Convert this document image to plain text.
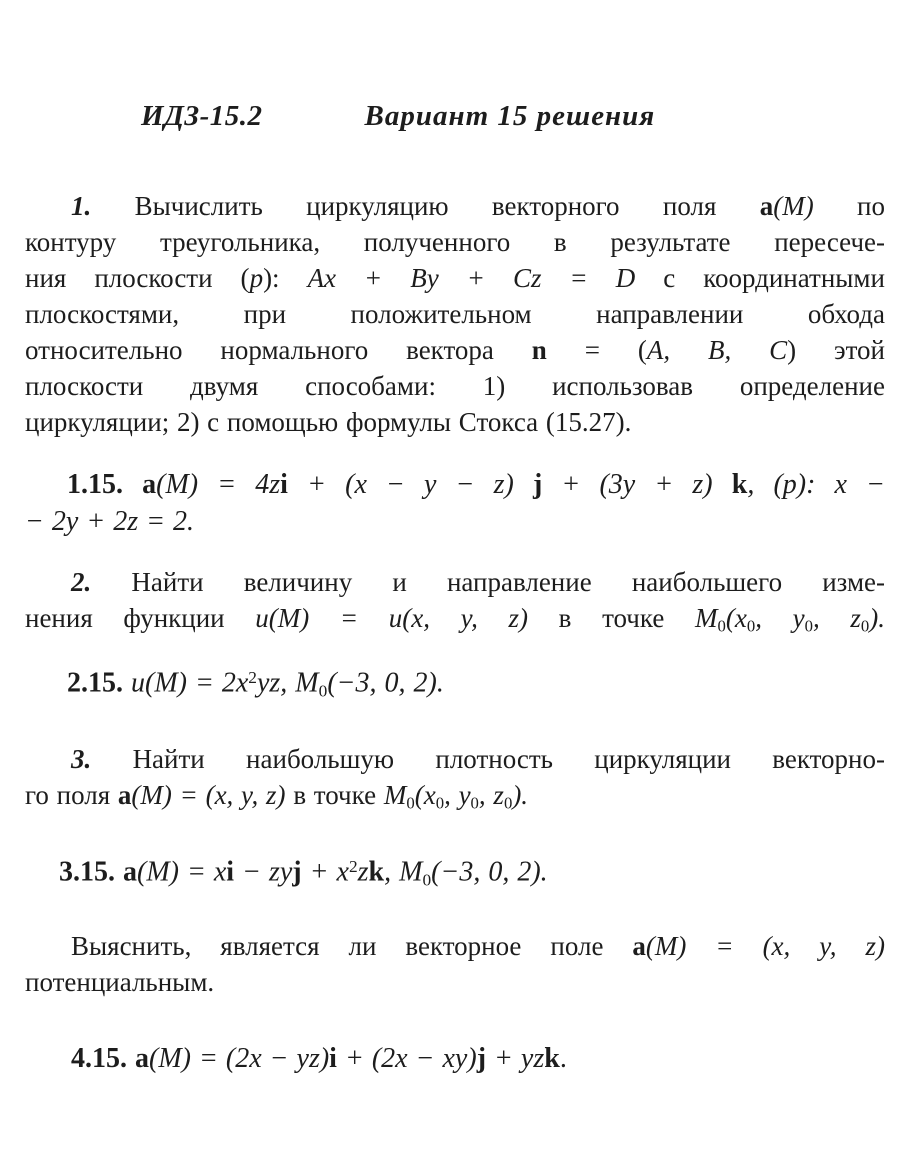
ИДЗ-15.2	Вариант 15 решения
1. Вычислить циркуляцию векторного поля a(M) по
контуру треугольника, полученного в результате пересече-
ния плоскости (p): Ax + By + Cz = D с координатными
плоскостями, при положительном направлении обхода
относительно нормального вектора n = (A, B, C) этой
плоскости двумя способами: 1) использовав определение
циркуляции; 2) с помощью формулы Стокса (15.27).
1.15. a(M) = 4zi + (x − y − z) j + (3y + z) k, (p): x −
− 2y + 2z = 2.
2. Найти величину и направление наибольшего изме-
нения функции u(M) = u(x, y, z) в точке M0(x0, y0, z0).
2.15. $u(M) = 2x^2yz$, M0(−3, 0, 2).
3. Найти наибольшую плотность циркуляции векторно-
го поля a(M) = (x, y, z) в точке M0(x0, y0, z0).
3.15. a(M) = xi − zyj + $x^2zk$, M0(−3, 0, 2).
Выяснить, является ли векторное поле a(M) = (x, y, z)
потенциальным.
4.15. a(M) = (2x − yz)i + (2x − xy)j + yzk.
